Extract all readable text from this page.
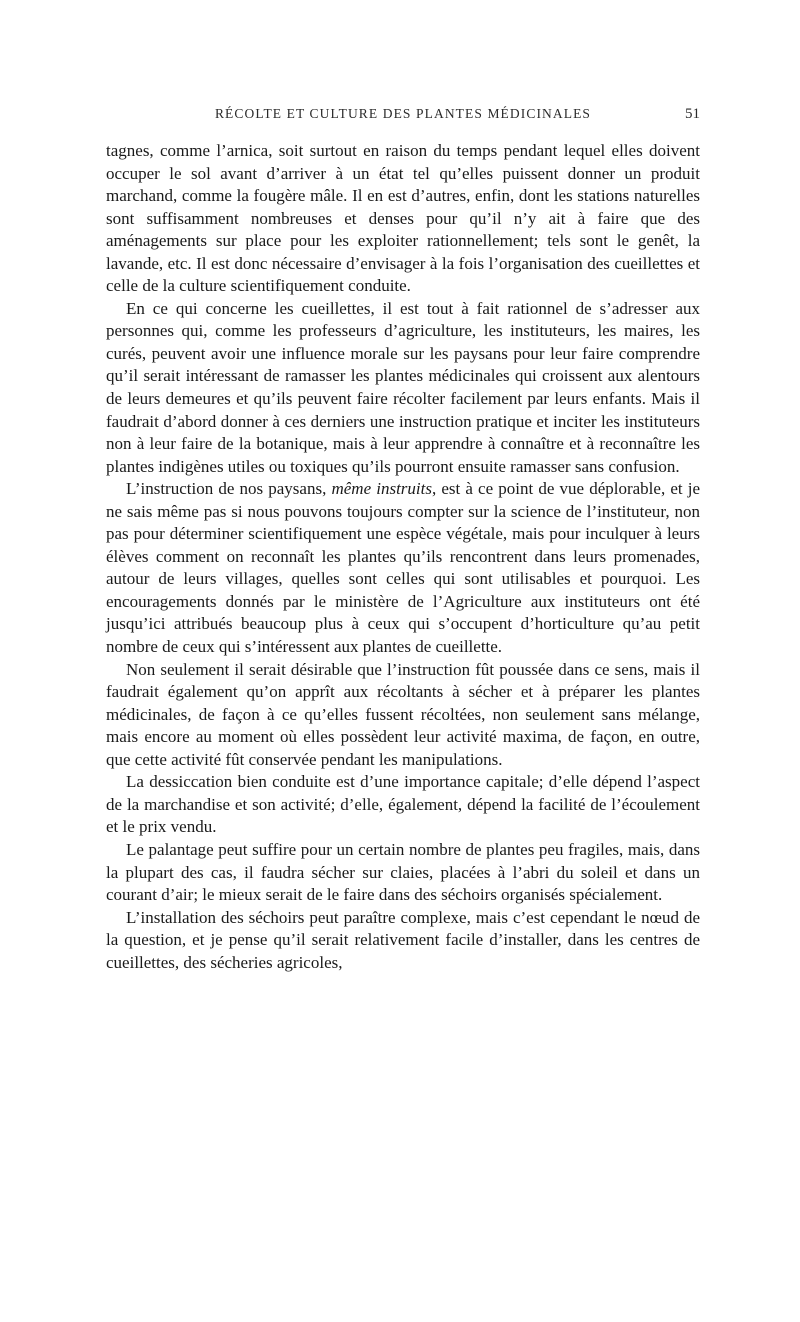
RÉCOLTE ET CULTURE DES PLANTES MÉDICINALES	51

tagnes, comme l’arnica, soit surtout en raison du temps pendant lequel elles doivent occuper le sol avant d’arriver à un état tel qu’elles puissent donner un produit marchand, comme la fougère mâle. Il en est d’autres, enfin, dont les stations naturelles sont suffisamment nombreuses et denses pour qu’il n’y ait à faire que des aménagements sur place pour les exploiter rationnellement; tels sont le genêt, la lavande, etc. Il est donc nécessaire d’envisager à la fois l’organisation des cueillettes et celle de la culture scientifiquement conduite.

En ce qui concerne les cueillettes, il est tout à fait rationnel de s’adresser aux personnes qui, comme les professeurs d’agriculture, les instituteurs, les maires, les curés, peuvent avoir une influence morale sur les paysans pour leur faire comprendre qu’il serait intéressant de ramasser les plantes médicinales qui croissent aux alentours de leurs demeures et qu’ils peuvent faire récolter facilement par leurs enfants. Mais il faudrait d’abord donner à ces derniers une instruction pratique et inciter les instituteurs non à leur faire de la botanique, mais à leur apprendre à connaître et à reconnaître les plantes indigènes utiles ou toxiques qu’ils pourront ensuite ramasser sans confusion.

L’instruction de nos paysans, même instruits, est à ce point de vue déplorable, et je ne sais même pas si nous pouvons toujours compter sur la science de l’instituteur, non pas pour déterminer scientifiquement une espèce végétale, mais pour inculquer à leurs élèves comment on reconnaît les plantes qu’ils rencontrent dans leurs promenades, autour de leurs villages, quelles sont celles qui sont utilisables et pourquoi. Les encouragements donnés par le ministère de l’Agriculture aux instituteurs ont été jusqu’ici attribués beaucoup plus à ceux qui s’occupent d’horticulture qu’au petit nombre de ceux qui s’intéressent aux plantes de cueillette.

Non seulement il serait désirable que l’instruction fût poussée dans ce sens, mais il faudrait également qu’on apprît aux récoltants à sécher et à préparer les plantes médicinales, de façon à ce qu’elles fussent récoltées, non seulement sans mélange, mais encore au moment où elles possèdent leur activité maxima, de façon, en outre, que cette activité fût conservée pendant les manipulations.

La dessiccation bien conduite est d’une importance capitale; d’elle dépend l’aspect de la marchandise et son activité; d’elle, également, dépend la facilité de l’écoulement et le prix vendu.

Le palantage peut suffire pour un certain nombre de plantes peu fragiles, mais, dans la plupart des cas, il faudra sécher sur claies, placées à l’abri du soleil et dans un courant d’air; le mieux serait de le faire dans des séchoirs organisés spécialement.

L’installation des séchoirs peut paraître complexe, mais c’est cependant le nœud de la question, et je pense qu’il serait relativement facile d’installer, dans les centres de cueillettes, des sécheries agricoles,
